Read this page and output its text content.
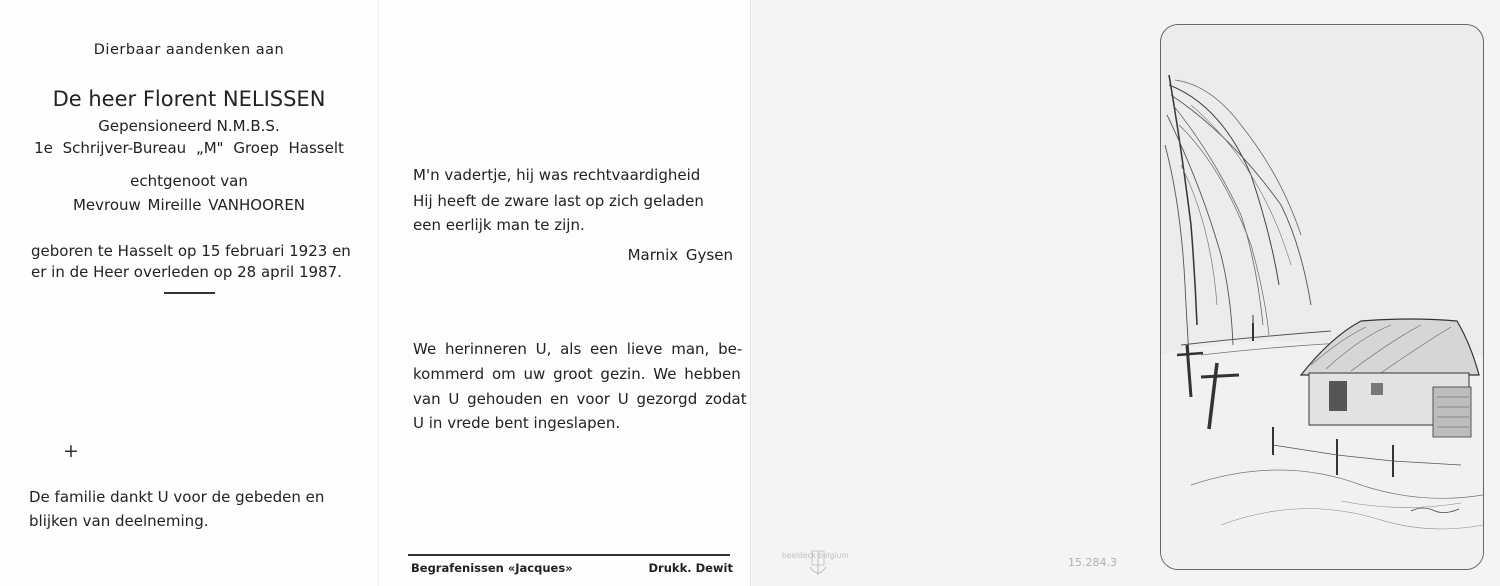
Dierbaar aandenken aan
De heer Florent NELISSEN
Gepensioneerd N.M.B.S.
1e Schrijver-Bureau „M" Groep Hasselt
echtgenoot van
Mevrouw Mireille VANHOOREN
geboren te Hasselt op 15 februari 1923 en
er in de Heer overleden op 28 april 1987.
+
De familie dankt U voor de gebeden en
blijken van deelneming.
M'n vadertje, hij was rechtvaardigheid
Hij heeft de zware last op zich geladen
een eerlijk man te zijn.
Marnix Gysen
We herinneren U, als een lieve man, be-
kommerd om uw groot gezin. We hebben
van U gehouden en voor U gezorgd zodat
U in vrede bent ingeslapen.
Begrafenissen «Jacques»	Drukk. Dewit
beeldeck belgium
15.284.3
